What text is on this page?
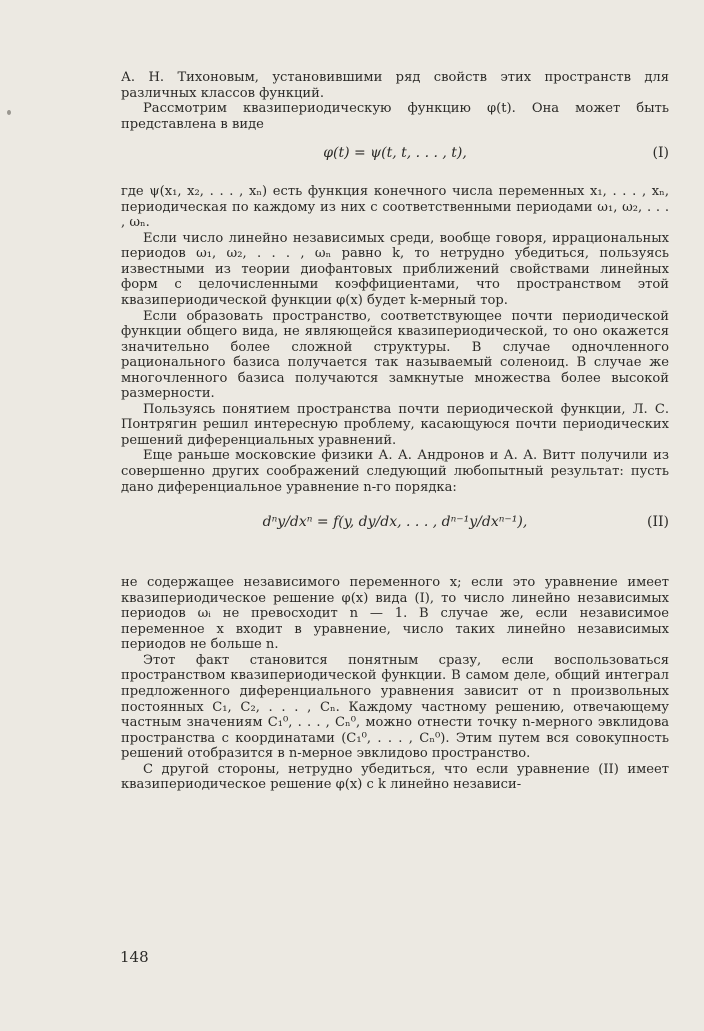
А. Н. Тихоновым, установившими ряд свойств этих пространств для различных классов функций.

Рассмотрим квазипериодическую функцию φ(t). Она может быть представлена в виде

φ(t) = ψ(t, t, . . . , t),	(I)

где ψ(x₁, x₂, . . . , xₙ) есть функция конечного числа переменных x₁, . . . , xₙ, периодическая по каждому из них с соответственными периодами ω₁, ω₂, . . . , ωₙ.

Если число линейно независимых среди, вообще говоря, иррациональных периодов ω₁, ω₂, . . . , ωₙ равно k, то нетрудно убедиться, пользуясь известными из теории диофантовых приближений свойствами линейных форм с целочисленными коэффициентами, что пространством этой квазипериодической функции φ(x) будет k-мерный тор.

Если образовать пространство, соответствующее почти периодической функции общего вида, не являющейся квазипериодической, то оно окажется значительно более сложной структуры. В случае одночленного рационального базиса получается так называемый соленоид. В случае же многочленного базиса получаются замкнутые множества более высокой размерности.

Пользуясь понятием пространства почти периодической функции, Л. С. Понтрягин решил интересную проблему, касающуюся почти периодических решений диференциальных уравнений.

Еще раньше московские физики А. А. Андронов и А. А. Витт получили из совершенно других соображений следующий любопытный результат: пусть дано диференциальное уравнение n-го порядка:

dⁿy/dxⁿ = f(y, dy/dx, . . . , dⁿ⁻¹y/dxⁿ⁻¹),	(II)

не содержащее независимого переменного x; если это уравнение имеет квазипериодическое решение φ(x) вида (I), то число линейно независимых периодов ωᵢ не превосходит n — 1. В случае же, если независимое переменное x входит в уравнение, число таких линейно независимых периодов не больше n.

Этот факт становится понятным сразу, если воспользоваться пространством квазипериодической функции. В самом деле, общий интеграл предложенного диференциального уравнения зависит от n произвольных постоянных C₁, C₂, . . . , Cₙ. Каждому частному решению, отвечающему частным значениям C₁⁰, . . . , Cₙ⁰, можно отнести точку n-мерного эвклидова пространства с координатами (C₁⁰, . . . , Cₙ⁰). Этим путем вся совокупность решений отобразится в n-мерное эвклидово пространство.

С другой стороны, нетрудно убедиться, что если уравнение (II) имеет квазипериодическое решение φ(x) с k линейно независи-

148
